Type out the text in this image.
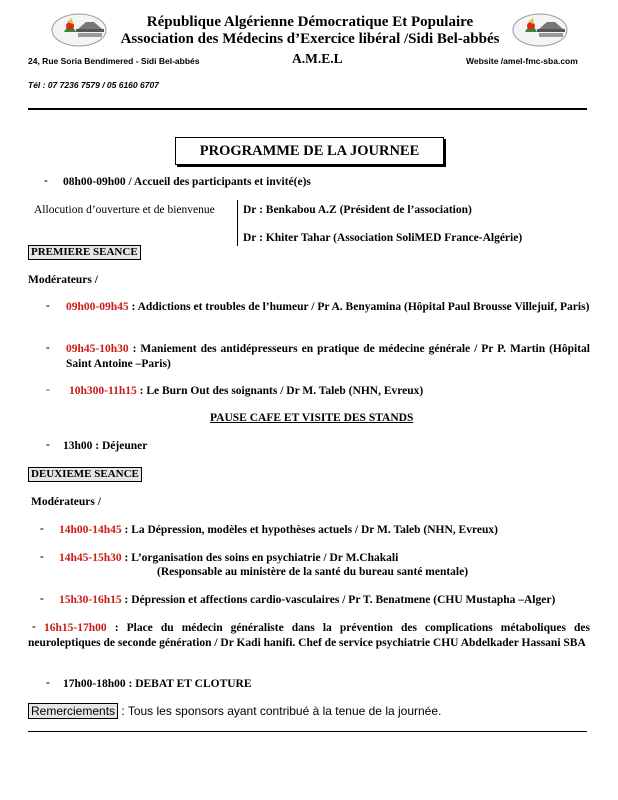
République Algérienne Démocratique Et Populaire
Association des Médecins d’Exercice libéral /Sidi Bel-abbés
24, Rue Soria Bendimered - Sidi Bel-abbés	A.M.E.L	Website /amel-fmc-sba.com
Tél : 07 7236 7579 / 05 6160 6707
PROGRAMME DE LA JOURNEE
- 08h00-09h00 / Accueil des participants et invité(e)s
Allocution d’ouverture et de bienvenue Dr : Benkabou A.Z (Président de l’association)
Dr : Khiter Tahar (Association SoliMED France-Algérie)
PREMIERE SEANCE
Modérateurs /
- 09h00-09h45 : Addictions et troubles de l’humeur / Pr A. Benyamina (Hôpital Paul Brousse Villejuif, Paris)
- 09h45-10h30 : Maniement des antidépresseurs en pratique de médecine générale / Pr P. Martin (Hôpital Saint Antoine –Paris)
- 10h300-11h15 : Le Burn Out des soignants / Dr M. Taleb (NHN, Evreux)
PAUSE CAFE ET VISITE DES STANDS
- 13h00 : Déjeuner
DEUXIEME SEANCE
Modérateurs /
- 14h00-14h45 : La Dépression, modèles et hypothèses actuels / Dr M. Taleb (NHN, Evreux)
- 14h45-15h30 : L’organisation des soins en psychiatrie / Dr M.Chakali
(Responsable au ministère de la santé du bureau santé mentale)
- 15h30-16h15 : Dépression et affections cardio-vasculaires / Pr T. Benatmene (CHU Mustapha –Alger)
- 16h15-17h00 : Place du médecin généraliste dans la prévention des complications métaboliques des neuroleptiques de seconde génération / Dr Kadi hanifi. Chef de service psychiatrie CHU Abdelkader Hassani SBA
- 17h00-18h00 : DEBAT ET CLOTURE
Remerciements : Tous les sponsors ayant contribué à la tenue de la journée.
